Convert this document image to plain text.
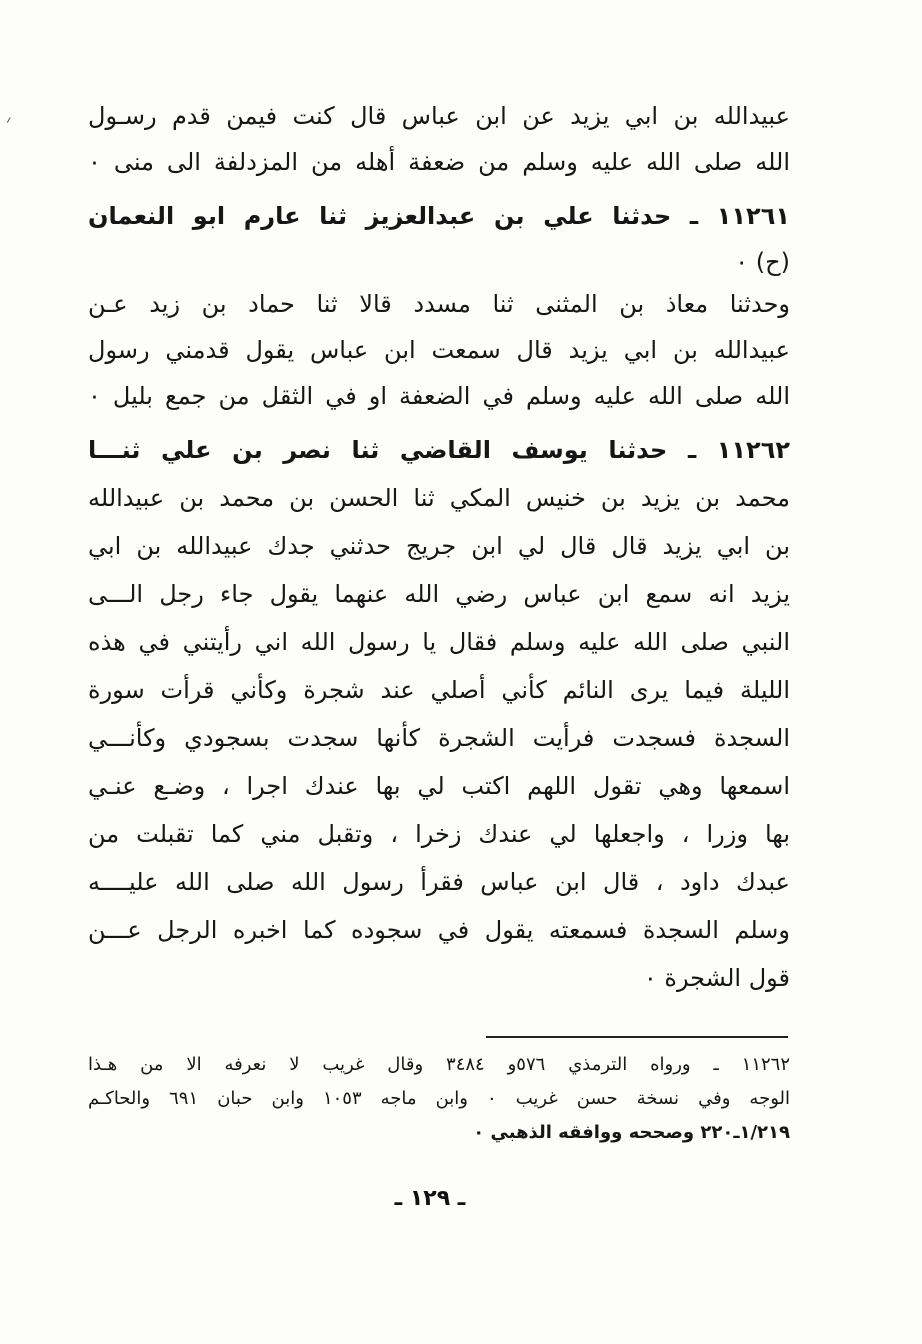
عبيدالله بن ابي يزيد عن ابن عباس قال كنت فيمن قدم رسـول
الله صلى الله عليه وسلم من ضعفة أهله من المزدلفة الى منى ٠
١١٢٦١ ـ حدثنا علي بن عبدالعزيز ثنا عارم ابو النعمان
(ح) ٠
وحدثنا معاذ بن المثنى ثنا مسدد قالا ثنا حماد بن زيد عـن
عبيدالله بن ابي يزيد قال سمعت ابن عباس يقول قدمني رسول
الله صلى الله عليه وسلم في الضعفة او في الثقل من جمع بليل ٠
١١٢٦٢ ـ حدثنا يوسف القاضي ثنا نصر بن علي ثنـــا
محمد بن يزيد بن خنيس المكي ثنا الحسن بن محمد بن عبيدالله
بن ابي يزيد قال قال لي ابن جريج حدثني جدك عبيدالله بن ابي
يزيد انه سمع ابن عباس رضي الله عنهما يقول جاء رجل الـــى
النبي صلى الله عليه وسلم فقال يا رسول الله اني رأيتني في هذه
الليلة فيما يرى النائم كأني أصلي عند شجرة وكأني قرأت سورة
السجدة فسجدت فرأيت الشجرة كأنها سجدت بسجودي وكأنـــي
اسمعها وهي تقول اللهم اكتب لي بها عندك اجرا ، وضـع عنـي
بها وزرا ، واجعلها لي عندك زخرا ، وتقبل مني كما تقبلت من
عبدك داود ، قال ابن عباس فقرأ رسول الله صلى الله عليــــه
وسلم السجدة فسمعته يقول في سجوده كما اخبره الرجل عـــن
قول الشجرة ٠
١١٢٦٢ ـ ورواه الترمذي ٥٧٦و ٣٤٨٤ وقال غريب لا نعرفه الا من هـذا
الوجه وفي نسخة حسن غريب ٠ وابن ماجه ١٠٥٣ وابن حبان ٦٩١ والحاكـم
١/٢١٩ـ٢٢٠ وصححه ووافقه الذهبي ٠
ـ ١٢٩ ـ
